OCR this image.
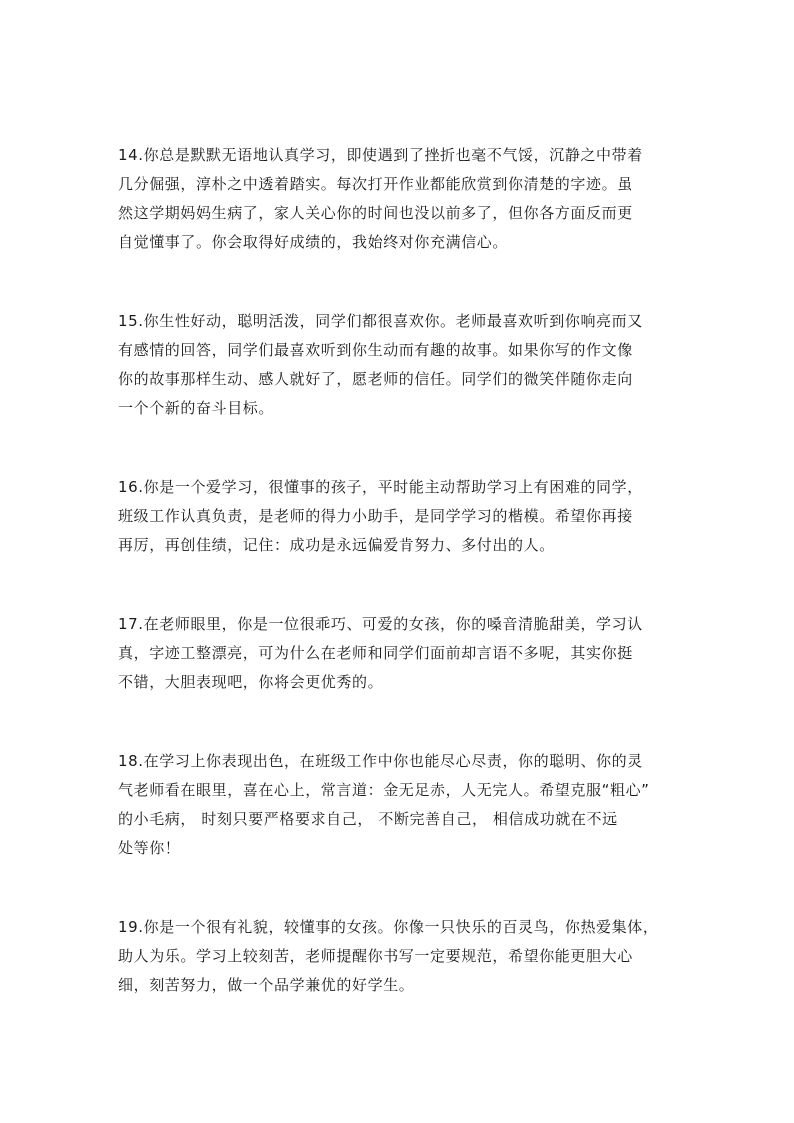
14.你总是默默无语地认真学习，即使遇到了挫折也毫不气馁，沉静之中带着
几分倔强，淳朴之中透着踏实。每次打开作业都能欣赏到你清楚的字迹。虽
然这学期妈妈生病了，家人关心你的时间也没以前多了，但你各方面反而更
自觉懂事了。你会取得好成绩的，我始终对你充满信心。

15.你生性好动，聪明活泼，同学们都很喜欢你。老师最喜欢听到你响亮而又
有感情的回答，同学们最喜欢听到你生动而有趣的故事。如果你写的作文像
你的故事那样生动、感人就好了，愿老师的信任。同学们的微笑伴随你走向
一个个新的奋斗目标。

16.你是一个爱学习，很懂事的孩子，平时能主动帮助学习上有困难的同学，
班级工作认真负责，是老师的得力小助手，是同学学习的楷模。希望你再接
再厉，再创佳绩，记住：成功是永远偏爱肯努力、多付出的人。

17.在老师眼里，你是一位很乖巧、可爱的女孩，你的嗓音清脆甜美，学习认
真，字迹工整漂亮，可为什么在老师和同学们面前却言语不多呢，其实你挺
不错，大胆表现吧，你将会更优秀的。

18.在学习上你表现出色，在班级工作中你也能尽心尽责，你的聪明、你的灵
气老师看在眼里，喜在心上，常言道：金无足赤，人无完人。希望克服“粗心”
的小毛病， 时刻只要严格要求自己， 不断完善自己， 相信成功就在不远
处等你！

19.你是一个很有礼貌，较懂事的女孩。你像一只快乐的百灵鸟，你热爱集体，
助人为乐。学习上较刻苦，老师提醒你书写一定要规范，希望你能更胆大心
细，刻苦努力，做一个品学兼优的好学生。
